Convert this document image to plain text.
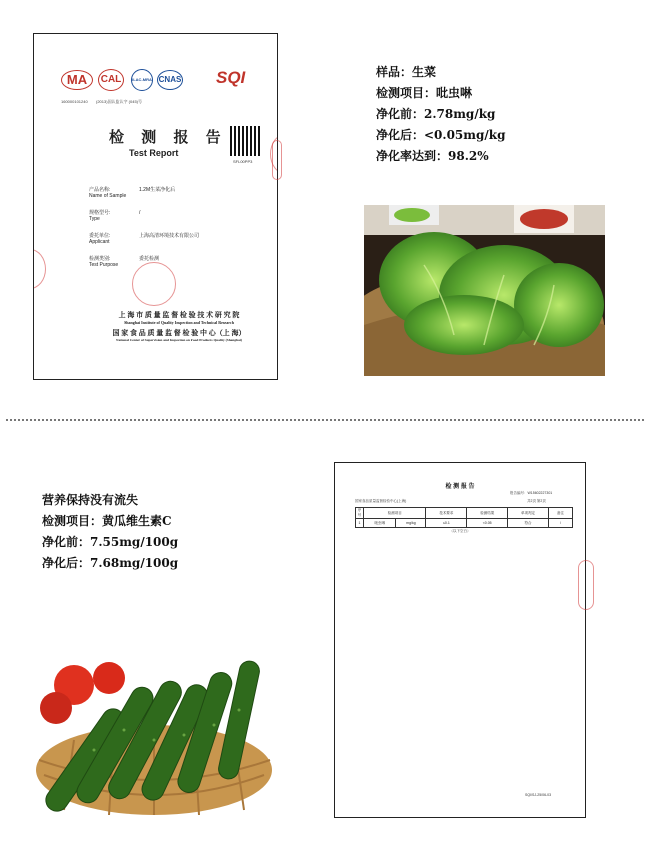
MA	CAL	ILAC-MRA CNAS SQI
160000101240 (2013)国认监认字 (045)号
检 测 报 告
Test Report
SFL00PP3
产品名称:
Name of Sample
1.2M生菜净化后
规格型号:
Type
/
委托单位:
Applicant
上海高清环境技术有限公司
检测类别:
Test Purpose
委托检测
上 海 市 质 量 监 督 检 验 技 术 研 究 院
Shanghai Institute of Quality Inspection and Technical Research
国 家 食 品 质 量 监 督 检 验 中 心（上 海）
National Center of Supervision and Inspection on Food Products Quality (Shanghai)
样品：生菜
检测项目：吡虫啉
净化前：2.78mg/kg
净化后：<0.05mg/kg
净化率达到：98.2%
营养保持没有流失
检测项目：黄瓜维生素C
净化前：7.55mg/100g
净化后：7.68mg/100g
检 测 报 告
报告编号：W15602227301
国家食品质量监督检验中心(上海)	共2页 第2页
序号	检测项目		技术要求	检测结果	单项判定	备注
1	吡虫啉	mg/kg	≤0.1	<0.05	符合	/
（以下空白）
SQI/SJ-25/06-03
